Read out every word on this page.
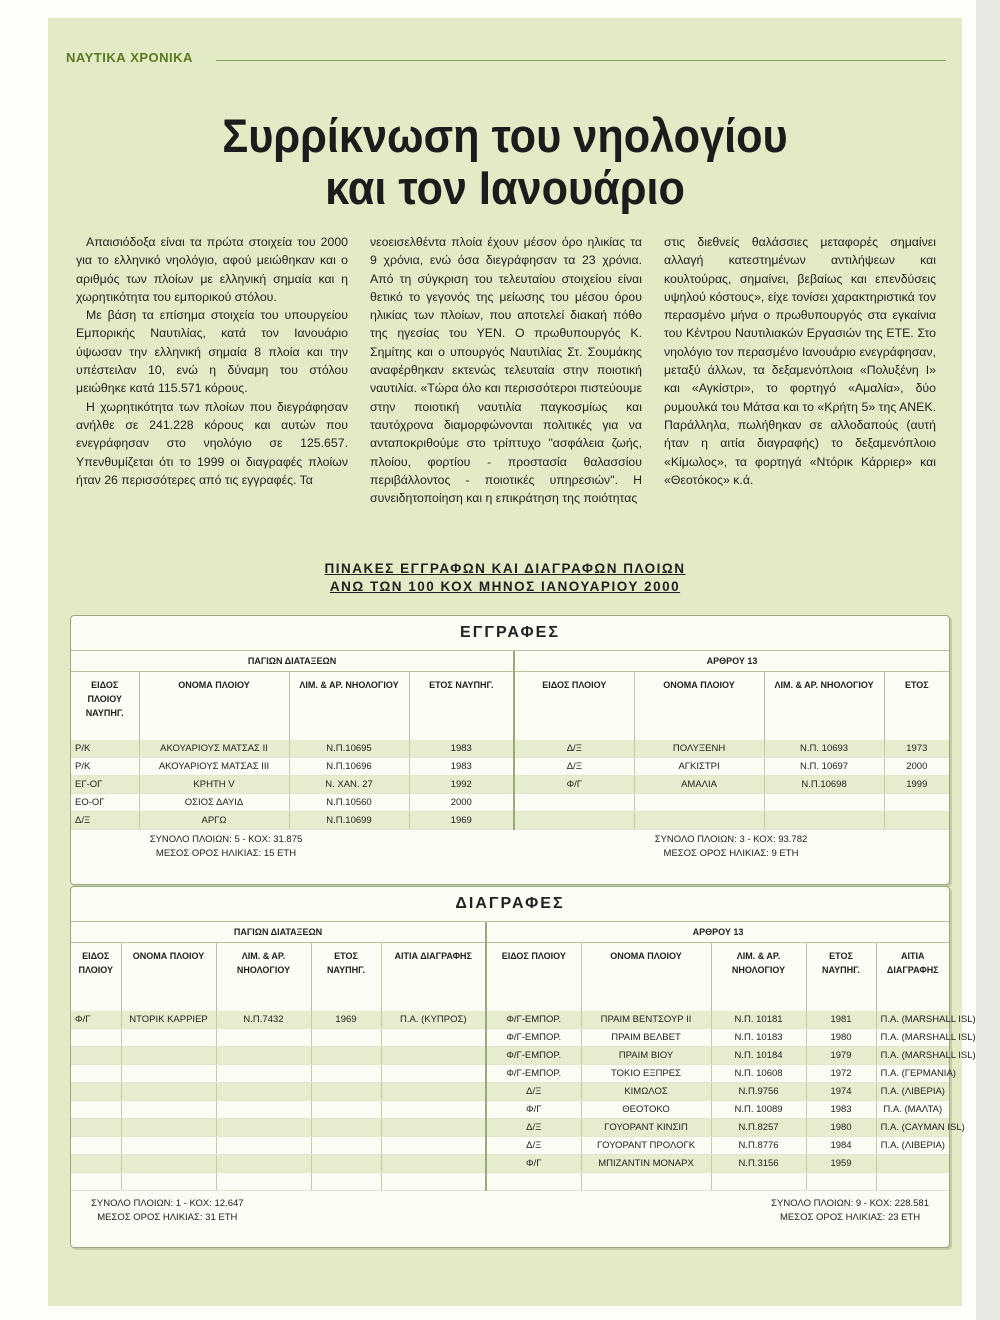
ΝΑΥΤΙΚΑ ΧΡΟΝΙΚΑ
Συρρίκνωση του νηολογίου
και τον Ιανουάριο

Απαισιόδοξα είναι τα πρώτα στοιχεία του 2000 για το ελληνικό νηολόγιο, αφού μειώθηκαν και ο αριθμός των πλοίων με ελληνική σημαία και η χωρητικότητα του εμπορικού στόλου.

Με βάση τα επίσημα στοιχεία του υπουργείου Εμπορικής Ναυτιλίας, κατά τον Ιανουάριο ύψωσαν την ελληνική σημαία 8 πλοία και την υπέστειλαν 10, ενώ η δύναμη του στόλου μειώθηκε κατά 115.571 κόρους.

Η χωρητικότητα των πλοίων που διεγράφησαν ανήλθε σε 241.228 κόρους και αυτών που ενεγράφησαν στο νηολόγιο σε 125.657. Υπενθυμίζεται ότι το 1999 οι διαγραφές πλοίων ήταν 26 περισσότερες από τις εγγραφές. Τα

νεοεισελθέντα πλοία έχουν μέσον όρο ηλικίας τα 9 χρόνια, ενώ όσα διεγράφησαν τα 23 χρόνια. Από τη σύγκριση του τελευταίου στοιχείου είναι θετικό το γεγονός της μείωσης του μέσου όρου ηλικίας των πλοίων, που αποτελεί διακαή πόθο της ηγεσίας του ΥΕΝ. Ο πρωθυπουργός Κ. Σημίτης και ο υπουργός Ναυτιλίας Στ. Σουμάκης αναφέρθηκαν εκτενώς τελευταία στην ποιοτική ναυτιλία. «Τώρα όλο και περισσότεροι πιστεύουμε στην ποιοτική ναυτιλία παγκοσμίως και ταυτόχρονα διαμορφώνονται πολιτικές για να ανταποκριθούμε στο τρίπτυχο "ασφάλεια ζωής, πλοίου, φορτίου - προστασία θαλασσίου περιβάλλοντος - ποιοτικές υπηρεσιών". Η συνειδητοποίηση και η επικράτηση της ποιότητας

στις διεθνείς θαλάσσιες μεταφορές σημαίνει αλλαγή κατεστημένων αντιλήψεων και κουλτούρας, σημαίνει, βεβαίως και επενδύσεις υψηλού κόστους», είχε τονίσει χαρακτηριστικά τον περασμένο μήνα ο πρωθυπουργός στα εγκαίνια του Κέντρου Ναυτιλιακών Εργασιών της ΕΤΕ. Στο νηολόγιο τον περασμένο Ιανουάριο ενεγράφησαν, μεταξύ άλλων, τα δεξαμενόπλοια «Πολυξένη Ι» και «Αγκίστρι», το φορτηγό «Αμαλία», δύο ρυμουλκά του Μάτσα και το «Κρήτη 5» της ΑΝΕΚ. Παράλληλα, πωλήθηκαν σε αλλοδαπούς (αυτή ήταν η αιτία διαγραφής) το δεξαμενόπλοιο «Κίμωλος», τα φορτηγά «Ντόρικ Κάρριερ» και «Θεοτόκος» κ.ά.

ΠΙΝΑΚΕΣ ΕΓΓΡΑΦΩΝ ΚΑΙ ΔΙΑΓΡΑΦΩΝ ΠΛΟΙΩΝ
ΑΝΩ ΤΩΝ 100 ΚΟΧ ΜΗΝΟΣ ΙΑΝΟΥΑΡΙΟΥ 2000
ΕΓΓΡΑΦΕΣ
ΠΑΓΙΩΝ ΔΙΑΤΑΞΕΩΝ				ΑΡΘΡΟΥ 13			
ΕΙΔΟΣ ΠΛΟΙΟΥ ΝΑΥΠΗΓ.	ΟΝΟΜΑ ΠΛΟΙΟΥ	ΛΙΜ. & ΑΡ. ΝΗΟΛΟΓΙΟΥ	ΕΤΟΣ ΝΑΥΠΗΓ.	ΕΙΔΟΣ ΠΛΟΙΟΥ	ΟΝΟΜΑ ΠΛΟΙΟΥ	ΛΙΜ. & ΑΡ. ΝΗΟΛΟΓΙΟΥ	ΕΤΟΣ
Ρ/Κ	ΑΚΟΥΑΡΙΟΥΣ ΜΑΤΣΑΣ ΙΙ	Ν.Π.10695	1983	Δ/Ξ	ΠΟΛΥΞΕΝΗ	Ν.Π. 10693	1973
Ρ/Κ	ΑΚΟΥΑΡΙΟΥΣ ΜΑΤΣΑΣ ΙΙΙ	Ν.Π.10696	1983	Δ/Ξ	ΑΓΚΙΣΤΡΙ	Ν.Π. 10697	2000
ΕΓ-ΟΓ	ΚΡΗΤΗ V	Ν. ΧΑΝ. 27	1992	Φ/Γ	ΑΜΑΛΙΑ	Ν.Π.10698	1999
ΕΟ-ΟΓ	ΟΣΙΟΣ ΔΑΥΙΔ	Ν.Π.10560	2000				
Δ/Ξ	ΑΡΓΩ	Ν.Π.10699	1969				
ΣΥΝΟΛΟ ΠΛΟΙΩΝ: 5 - ΚΟΧ: 31.875
ΜΕΣΟΣ ΟΡΟΣ ΗΛΙΚΙΑΣ: 15 ΕΤΗ
ΣΥΝΟΛΟ ΠΛΟΙΩΝ: 3 - ΚΟΧ: 93.782
ΜΕΣΟΣ ΟΡΟΣ ΗΛΙΚΙΑΣ: 9 ΕΤΗ
ΔΙΑΓΡΑΦΕΣ
ΠΑΓΙΩΝ ΔΙΑΤΑΞΕΩΝ					ΑΡΘΡΟΥ 13				
ΕΙΔΟΣ ΠΛΟΙΟΥ	ΟΝΟΜΑ ΠΛΟΙΟΥ	ΛΙΜ. & ΑΡ. ΝΗΟΛΟΓΙΟΥ	ΕΤΟΣ ΝΑΥΠΗΓ.	ΑΙΤΙΑ ΔΙΑΓΡΑΦΗΣ	ΕΙΔΟΣ ΠΛΟΙΟΥ	ΟΝΟΜΑ ΠΛΟΙΟΥ	ΛΙΜ. & ΑΡ. ΝΗΟΛΟΓΙΟΥ	ΕΤΟΣ ΝΑΥΠΗΓ.	ΑΙΤΙΑ ΔΙΑΓΡΑΦΗΣ
Φ/Γ	ΝΤΟΡΙΚ ΚΑΡΡΙΕΡ	Ν.Π.7432	1969	Π.Α. (ΚΥΠΡΟΣ)	Φ/Γ-ΕΜΠΟΡ.	ΠΡΑΙΜ ΒΕΝΤΣΟΥΡ ΙΙ	Ν.Π. 10181	1981	Π.Α. (MARSHALL ISL)
					Φ/Γ-ΕΜΠΟΡ.	ΠΡΑΙΜ ΒΕΛΒΕΤ	Ν.Π. 10183	1980	Π.Α. (MARSHALL ISL)
					Φ/Γ-ΕΜΠΟΡ.	ΠΡΑΙΜ ΒΙΟΥ	Ν.Π. 10184	1979	Π.Α. (MARSHALL ISL)
					Φ/Γ-ΕΜΠΟΡ.	ΤΟΚΙΟ ΕΞΠΡΕΣ	Ν.Π. 10608	1972	Π.Α. (ΓΕΡΜΑΝΙΑ)
					Δ/Ξ	ΚΙΜΩΛΟΣ	Ν.Π.9756	1974	Π.Α. (ΛΙΒΕΡΙΑ)
					Φ/Γ	ΘΕΟΤΟΚΟ	Ν.Π. 10089	1983	Π.Α. (ΜΑΛΤΑ)
					Δ/Ξ	ΓΟΥΟΡΑΝΤ ΚΙΝΣΙΠ	Ν.Π.8257	1980	Π.Α. (CAYMAN ISL)
					Δ/Ξ	ΓΟΥΟΡΑΝΤ ΠΡΟΛΟΓΚ	Ν.Π.8776	1984	Π.Α. (ΛΙΒΕΡΙΑ)
					Φ/Γ	ΜΠΙΖΑΝΤΙΝ ΜΟΝΑΡΧ	Ν.Π.3156	1959	

ΣΥΝΟΛΟ ΠΛΟΙΩΝ: 1 - ΚΟΧ: 12.647
ΜΕΣΟΣ ΟΡΟΣ ΗΛΙΚΙΑΣ: 31 ΕΤΗ
ΣΥΝΟΛΟ ΠΛΟΙΩΝ: 9 - ΚΟΧ: 228.581
ΜΕΣΟΣ ΟΡΟΣ ΗΛΙΚΙΑΣ: 23 ΕΤΗ
